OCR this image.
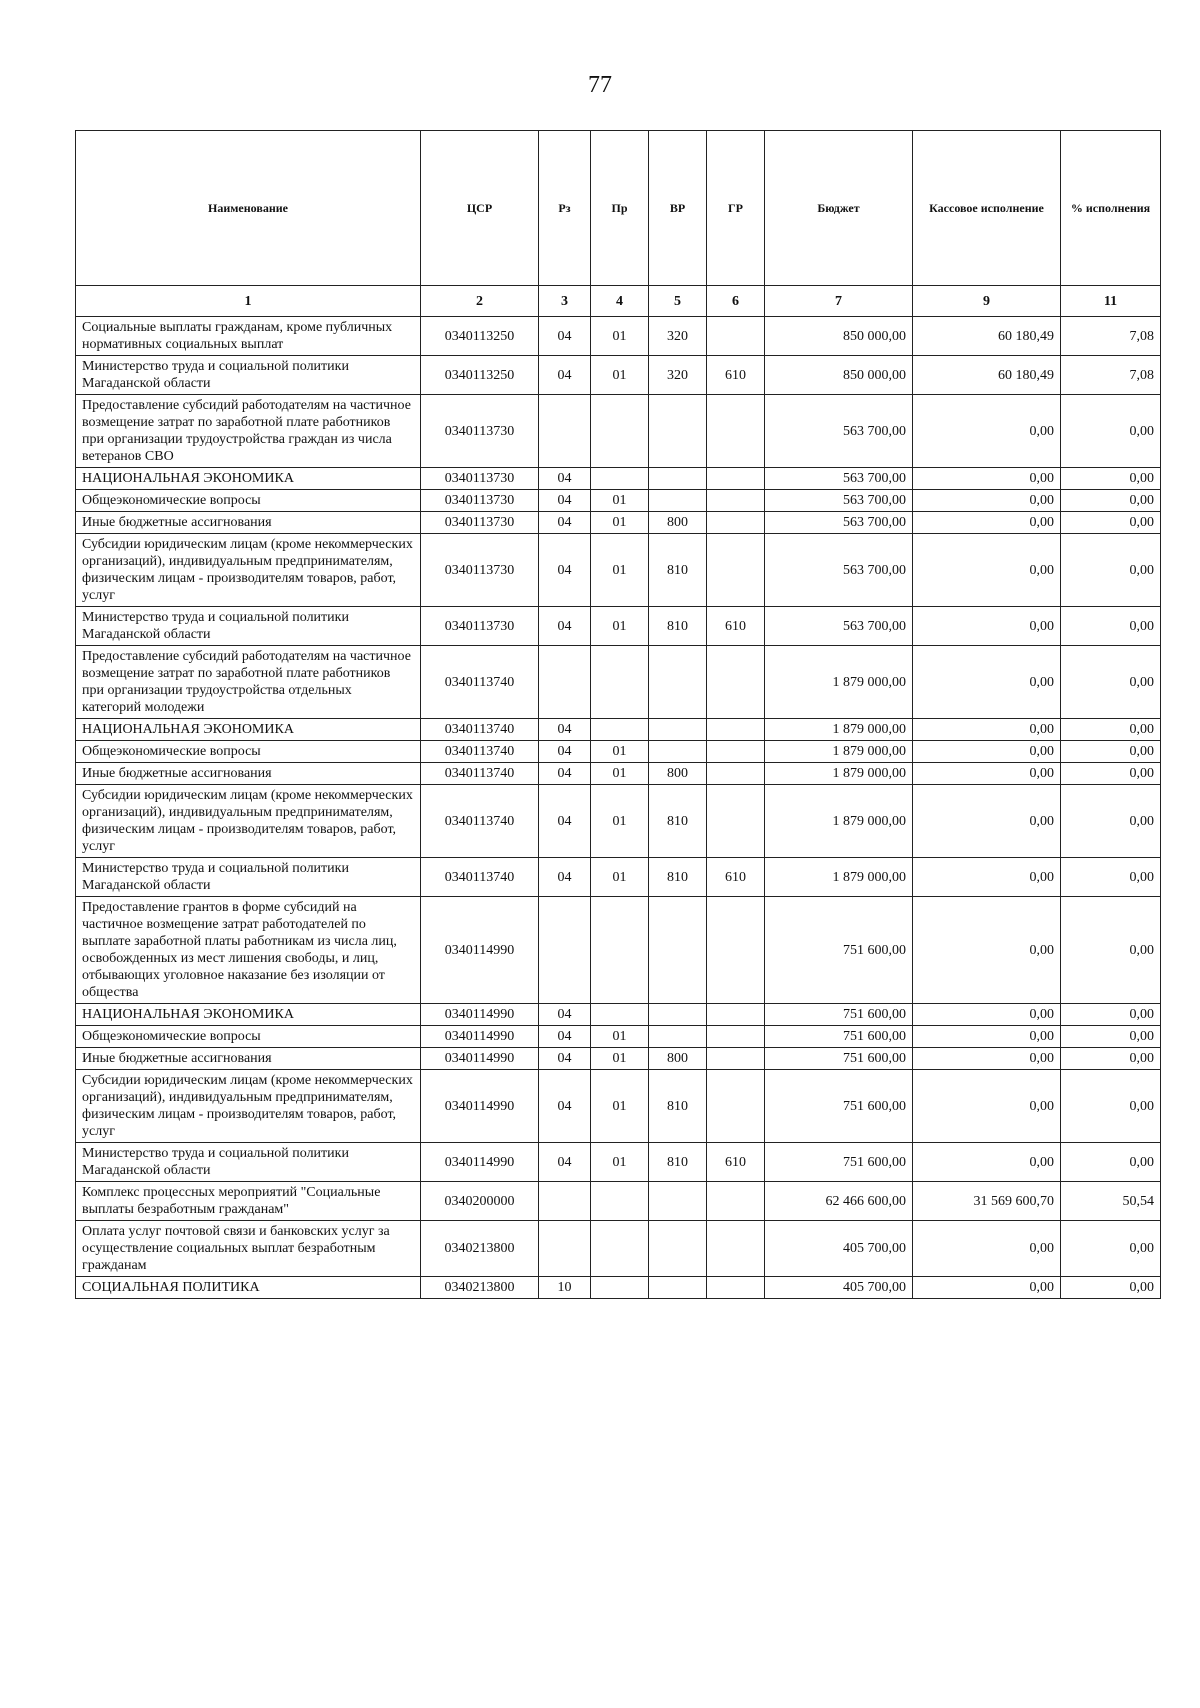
77
Наименование	ЦСР	Рз	Пр	ВР	ГР	Бюджет	Кассовое исполнение	% исполнения
1	2	3	4	5	6	7	9	11
Социальные выплаты гражданам, кроме публичных нормативных социальных выплат	0340113250	04	01	320		850 000,00	60 180,49	7,08
Министерство труда и социальной политики Магаданской области	0340113250	04	01	320	610	850 000,00	60 180,49	7,08
Предоставление субсидий работодателям на частичное возмещение затрат по заработной плате работников при организации трудоустройства граждан из числа ветеранов СВО	0340113730					563 700,00	0,00	0,00
НАЦИОНАЛЬНАЯ ЭКОНОМИКА	0340113730	04				563 700,00	0,00	0,00
Общеэкономические вопросы	0340113730	04	01			563 700,00	0,00	0,00
Иные бюджетные ассигнования	0340113730	04	01	800		563 700,00	0,00	0,00
Субсидии юридическим лицам (кроме некоммерческих организаций), индивидуальным предпринимателям, физическим лицам - производителям товаров, работ, услуг	0340113730	04	01	810		563 700,00	0,00	0,00
Министерство труда и социальной политики Магаданской области	0340113730	04	01	810	610	563 700,00	0,00	0,00
Предоставление субсидий работодателям на частичное возмещение затрат по заработной плате работников при организации трудоустройства отдельных категорий молодежи	0340113740					1 879 000,00	0,00	0,00
НАЦИОНАЛЬНАЯ ЭКОНОМИКА	0340113740	04				1 879 000,00	0,00	0,00
Общеэкономические вопросы	0340113740	04	01			1 879 000,00	0,00	0,00
Иные бюджетные ассигнования	0340113740	04	01	800		1 879 000,00	0,00	0,00
Субсидии юридическим лицам (кроме некоммерческих организаций), индивидуальным предпринимателям, физическим лицам - производителям товаров, работ, услуг	0340113740	04	01	810		1 879 000,00	0,00	0,00
Министерство труда и социальной политики Магаданской области	0340113740	04	01	810	610	1 879 000,00	0,00	0,00
Предоставление грантов в форме субсидий на частичное возмещение затрат работодателей по выплате заработной платы работникам из числа лиц, освобожденных из мест лишения свободы, и лиц, отбывающих уголовное наказание без изоляции от общества	0340114990					751 600,00	0,00	0,00
НАЦИОНАЛЬНАЯ ЭКОНОМИКА	0340114990	04				751 600,00	0,00	0,00
Общеэкономические вопросы	0340114990	04	01			751 600,00	0,00	0,00
Иные бюджетные ассигнования	0340114990	04	01	800		751 600,00	0,00	0,00
Субсидии юридическим лицам (кроме некоммерческих организаций), индивидуальным предпринимателям, физическим лицам - производителям товаров, работ, услуг	0340114990	04	01	810		751 600,00	0,00	0,00
Министерство труда и социальной политики Магаданской области	0340114990	04	01	810	610	751 600,00	0,00	0,00
Комплекс процессных мероприятий "Социальные выплаты безработным гражданам"	0340200000					62 466 600,00	31 569 600,70	50,54
Оплата услуг почтовой связи и банковских услуг за осуществление социальных выплат безработным гражданам	0340213800					405 700,00	0,00	0,00
СОЦИАЛЬНАЯ ПОЛИТИКА	0340213800	10				405 700,00	0,00	0,00
